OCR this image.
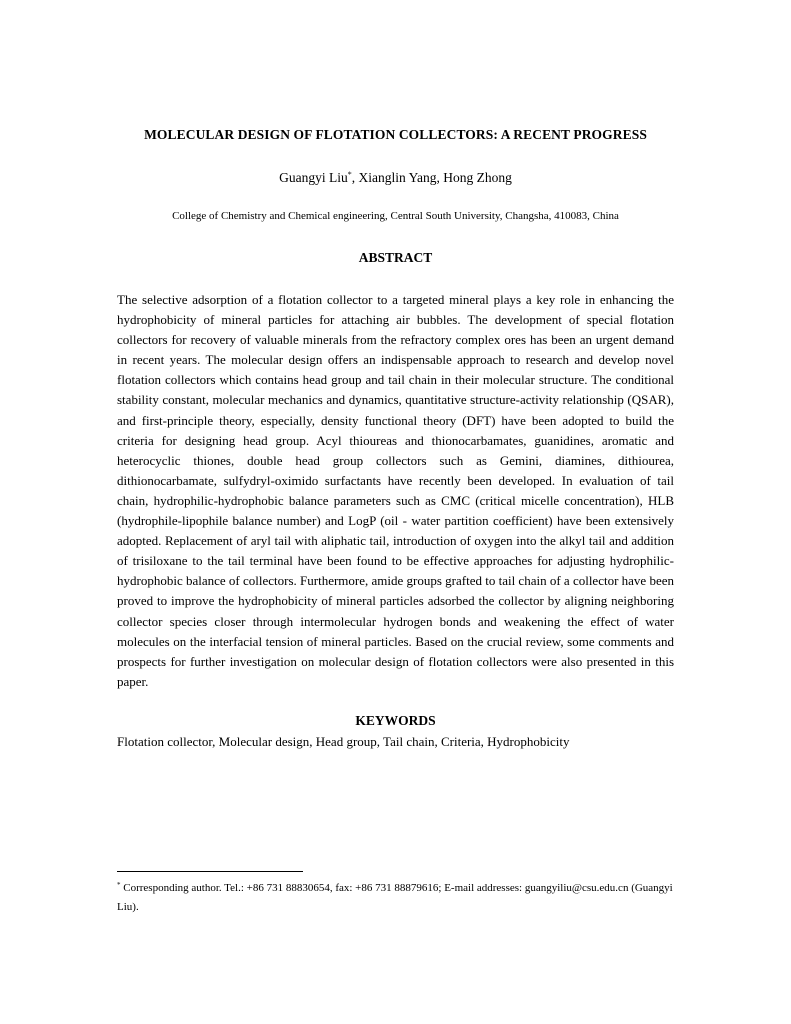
MOLECULAR DESIGN OF FLOTATION COLLECTORS: A RECENT PROGRESS
Guangyi Liu*, Xianglin Yang, Hong Zhong
College of Chemistry and Chemical engineering, Central South University, Changsha, 410083, China
ABSTRACT

The selective adsorption of a flotation collector to a targeted mineral plays a key role in enhancing the hydrophobicity of mineral particles for attaching air bubbles. The development of special flotation collectors for recovery of valuable minerals from the refractory complex ores has been an urgent demand in recent years. The molecular design offers an indispensable approach to research and develop novel flotation collectors which contains head group and tail chain in their molecular structure. The conditional stability constant, molecular mechanics and dynamics, quantitative structure-activity relationship (QSAR), and first-principle theory, especially, density functional theory (DFT) have been adopted to build the criteria for designing head group. Acyl thioureas and thionocarbamates, guanidines, aromatic and heterocyclic thiones, double head group collectors such as Gemini, diamines, dithiourea, dithionocarbamate, sulfydryl-oximido surfactants have recently been developed. In evaluation of tail chain, hydrophilic-hydrophobic balance parameters such as CMC (critical micelle concentration), HLB (hydrophile-lipophile balance number) and LogP (oil - water partition coefficient) have been extensively adopted. Replacement of aryl tail with aliphatic tail, introduction of oxygen into the alkyl tail and addition of trisiloxane to the tail terminal have been found to be effective approaches for adjusting hydrophilic-hydrophobic balance of collectors. Furthermore, amide groups grafted to tail chain of a collector have been proved to improve the hydrophobicity of mineral particles adsorbed the collector by aligning neighboring collector species closer through intermolecular hydrogen bonds and weakening the effect of water molecules on the interfacial tension of mineral particles. Based on the crucial review, some comments and prospects for further investigation on molecular design of flotation collectors were also presented in this paper.

KEYWORDS
Flotation collector, Molecular design, Head group, Tail chain, Criteria, Hydrophobicity

* Corresponding author. Tel.: +86 731 88830654, fax: +86 731 88879616; E-mail addresses: guangyiliu@csu.edu.cn (Guangyi Liu).
